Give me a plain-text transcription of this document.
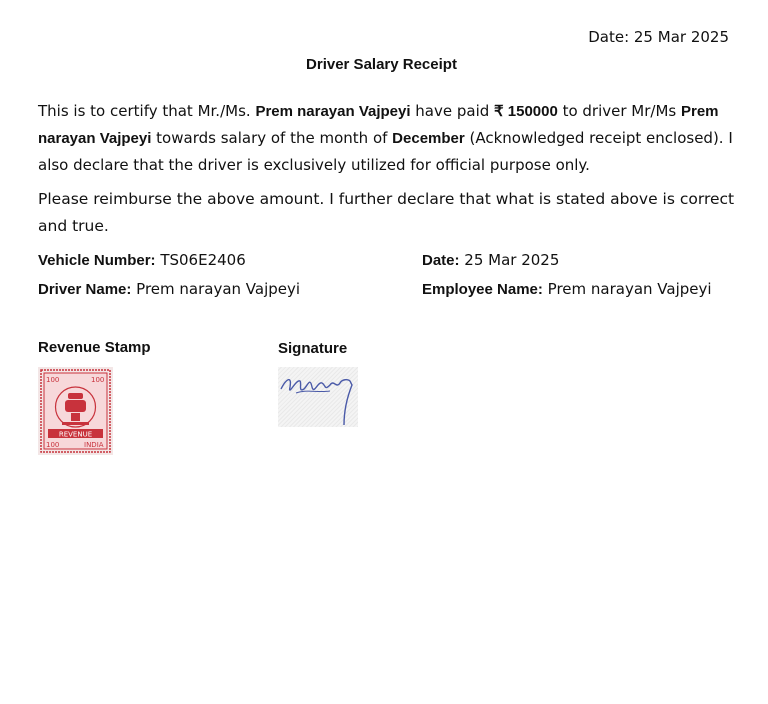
Date: 25 Mar 2025
Driver Salary Receipt
This is to certify that Mr./Ms. Prem narayan Vajpeyi have paid ₹ 150000 to driver Mr/Ms Prem narayan Vajpeyi towards salary of the month of December (Acknowledged receipt enclosed). I also declare that the driver is exclusively utilized for official purpose only.
Please reimburse the above amount. I further declare that what is stated above is correct and true.
Vehicle Number: TS06E2406	Date: 25 Mar 2025
Driver Name: Prem narayan Vajpeyi	Employee Name: Prem narayan Vajpeyi
Revenue Stamp	Signature
100	100
REVENUE
100	INDIA
